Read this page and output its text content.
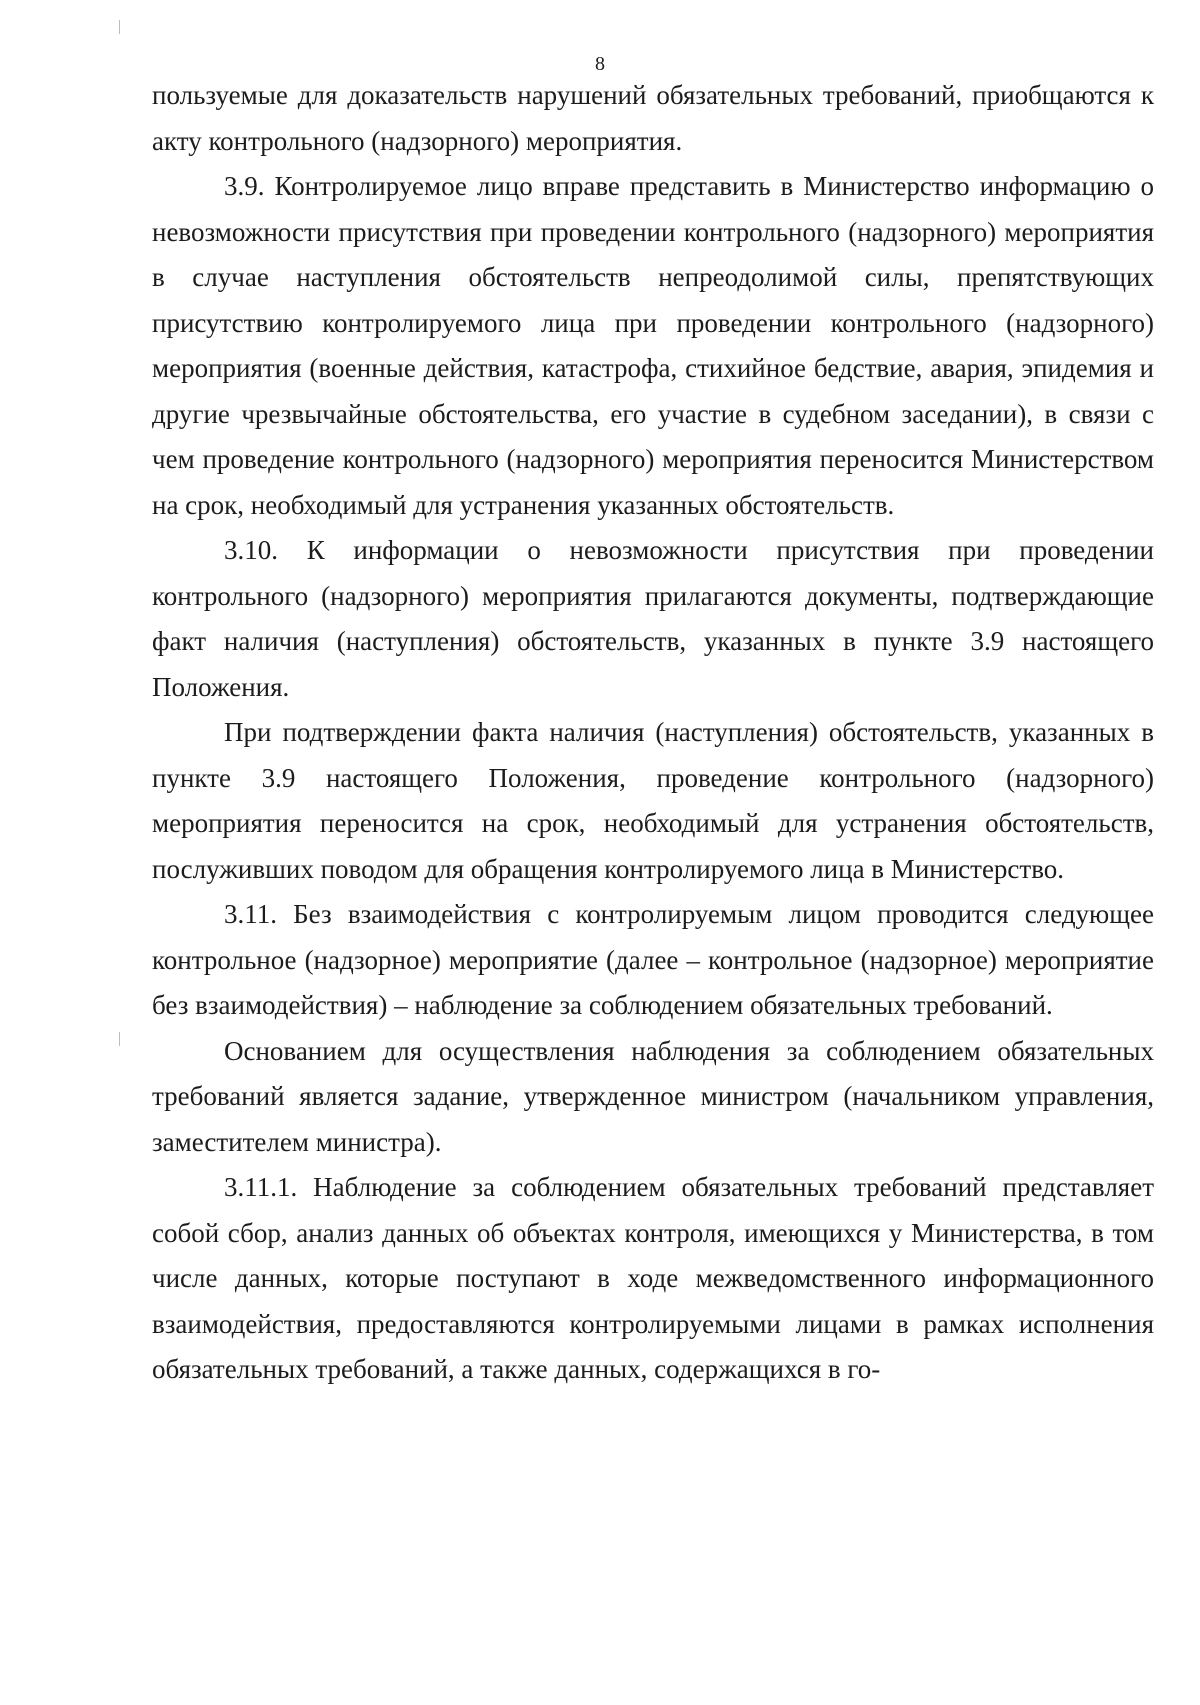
8

пользуемые для доказательств нарушений обязательных требований, приобщаются к акту контрольного (надзорного) мероприятия.

3.9. Контролируемое лицо вправе представить в Министерство информацию о невозможности присутствия при проведении контрольного (надзорного) мероприятия в случае наступления обстоятельств непреодолимой силы, препятствующих присутствию контролируемого лица при проведении контрольного (надзорного) мероприятия (военные действия, катастрофа, стихийное бедствие, авария, эпидемия и другие чрезвычайные обстоятельства, его участие в судебном заседании), в связи с чем проведение контрольного (надзорного) мероприятия переносится Министерством на срок, необходимый для устранения указанных обстоятельств.

3.10. К информации о невозможности присутствия при проведении контрольного (надзорного) мероприятия прилагаются документы, подтверждающие факт наличия (наступления) обстоятельств, указанных в пункте 3.9 настоящего Положения.

При подтверждении факта наличия (наступления) обстоятельств, указанных в пункте 3.9 настоящего Положения, проведение контрольного (надзорного) мероприятия переносится на срок, необходимый для устранения обстоятельств, послуживших поводом для обращения контролируемого лица в Министерство.

3.11. Без взаимодействия с контролируемым лицом проводится следующее контрольное (надзорное) мероприятие (далее – контрольное (надзорное) мероприятие без взаимодействия) – наблюдение за соблюдением обязательных требований.

Основанием для осуществления наблюдения за соблюдением обязательных требований является задание, утвержденное министром (начальником управления, заместителем министра).

3.11.1. Наблюдение за соблюдением обязательных требований представляет собой сбор, анализ данных об объектах контроля, имеющихся у Министерства, в том числе данных, которые поступают в ходе межведомственного информационного взаимодействия, предоставляются контролируемыми лицами в рамках исполнения обязательных требований, а также данных, содержащихся в го-
